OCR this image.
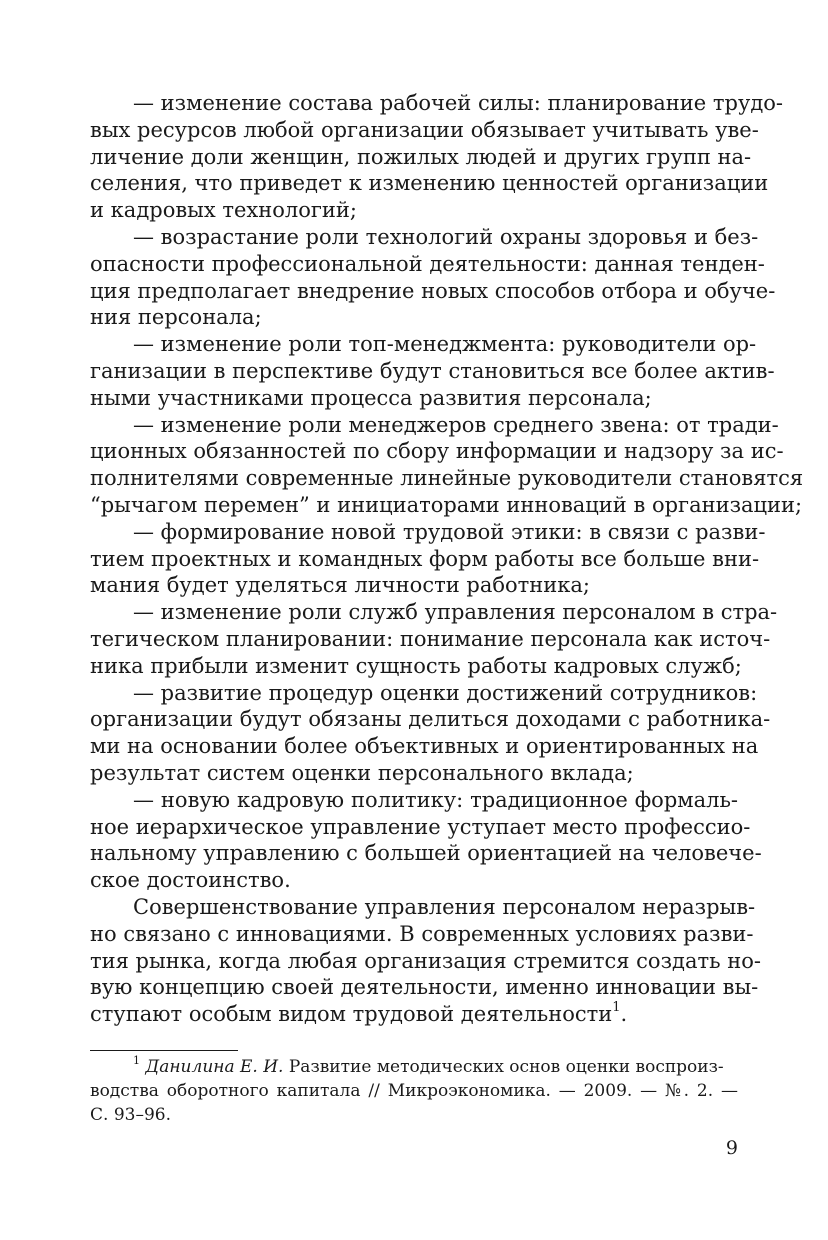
— изменение состава рабочей силы: планирование трудо-
вых ресурсов любой организации обязывает учитывать уве-
личение доли женщин, пожилых людей и других групп на-
селения, что приведет к изменению ценностей организации
и кадровых технологий;
— возрастание роли технологий охраны здоровья и без-
опасности профессиональной деятельности: данная тенден-
ция предполагает внедрение новых способов отбора и обуче-
ния персонала;
— изменение роли топ-менеджмента: руководители ор-
ганизации в перспективе будут становиться все более актив-
ными участниками процесса развития персонала;
— изменение роли менеджеров среднего звена: от тради-
ционных обязанностей по сбору информации и надзору за ис-
полнителями современные линейные руководители становятся
“рычагом перемен” и инициаторами инноваций в организации;
— формирование новой трудовой этики: в связи с разви-
тием проектных и командных форм работы все больше вни-
мания будет уделяться личности работника;
— изменение роли служб управления персоналом в стра-
тегическом планировании: понимание персонала как источ-
ника прибыли изменит сущность работы кадровых служб;
— развитие процедур оценки достижений сотрудников:
организации будут обязаны делиться доходами с работника-
ми на основании более объективных и ориентированных на
результат систем оценки персонального вклада;
— новую кадровую политику: традиционное формаль-
ное иерархическое управление уступает место профессио-
нальному управлению с большей ориентацией на человече-
ское достоинство.
Совершенствование управления персоналом неразрыв-
но связано с инновациями. В современных условиях разви-
тия рынка, когда любая организация стремится создать но-
вую концепцию своей деятельности, именно инновации вы-
ступают особым видом трудовой деятельности$^1$.
$^1$ Данилина Е. И. Развитие методических основ оценки воспроиз-
водства оборотного капитала // Микроэкономика. — 2009. — №. 2. —
С. 93–96.
9
